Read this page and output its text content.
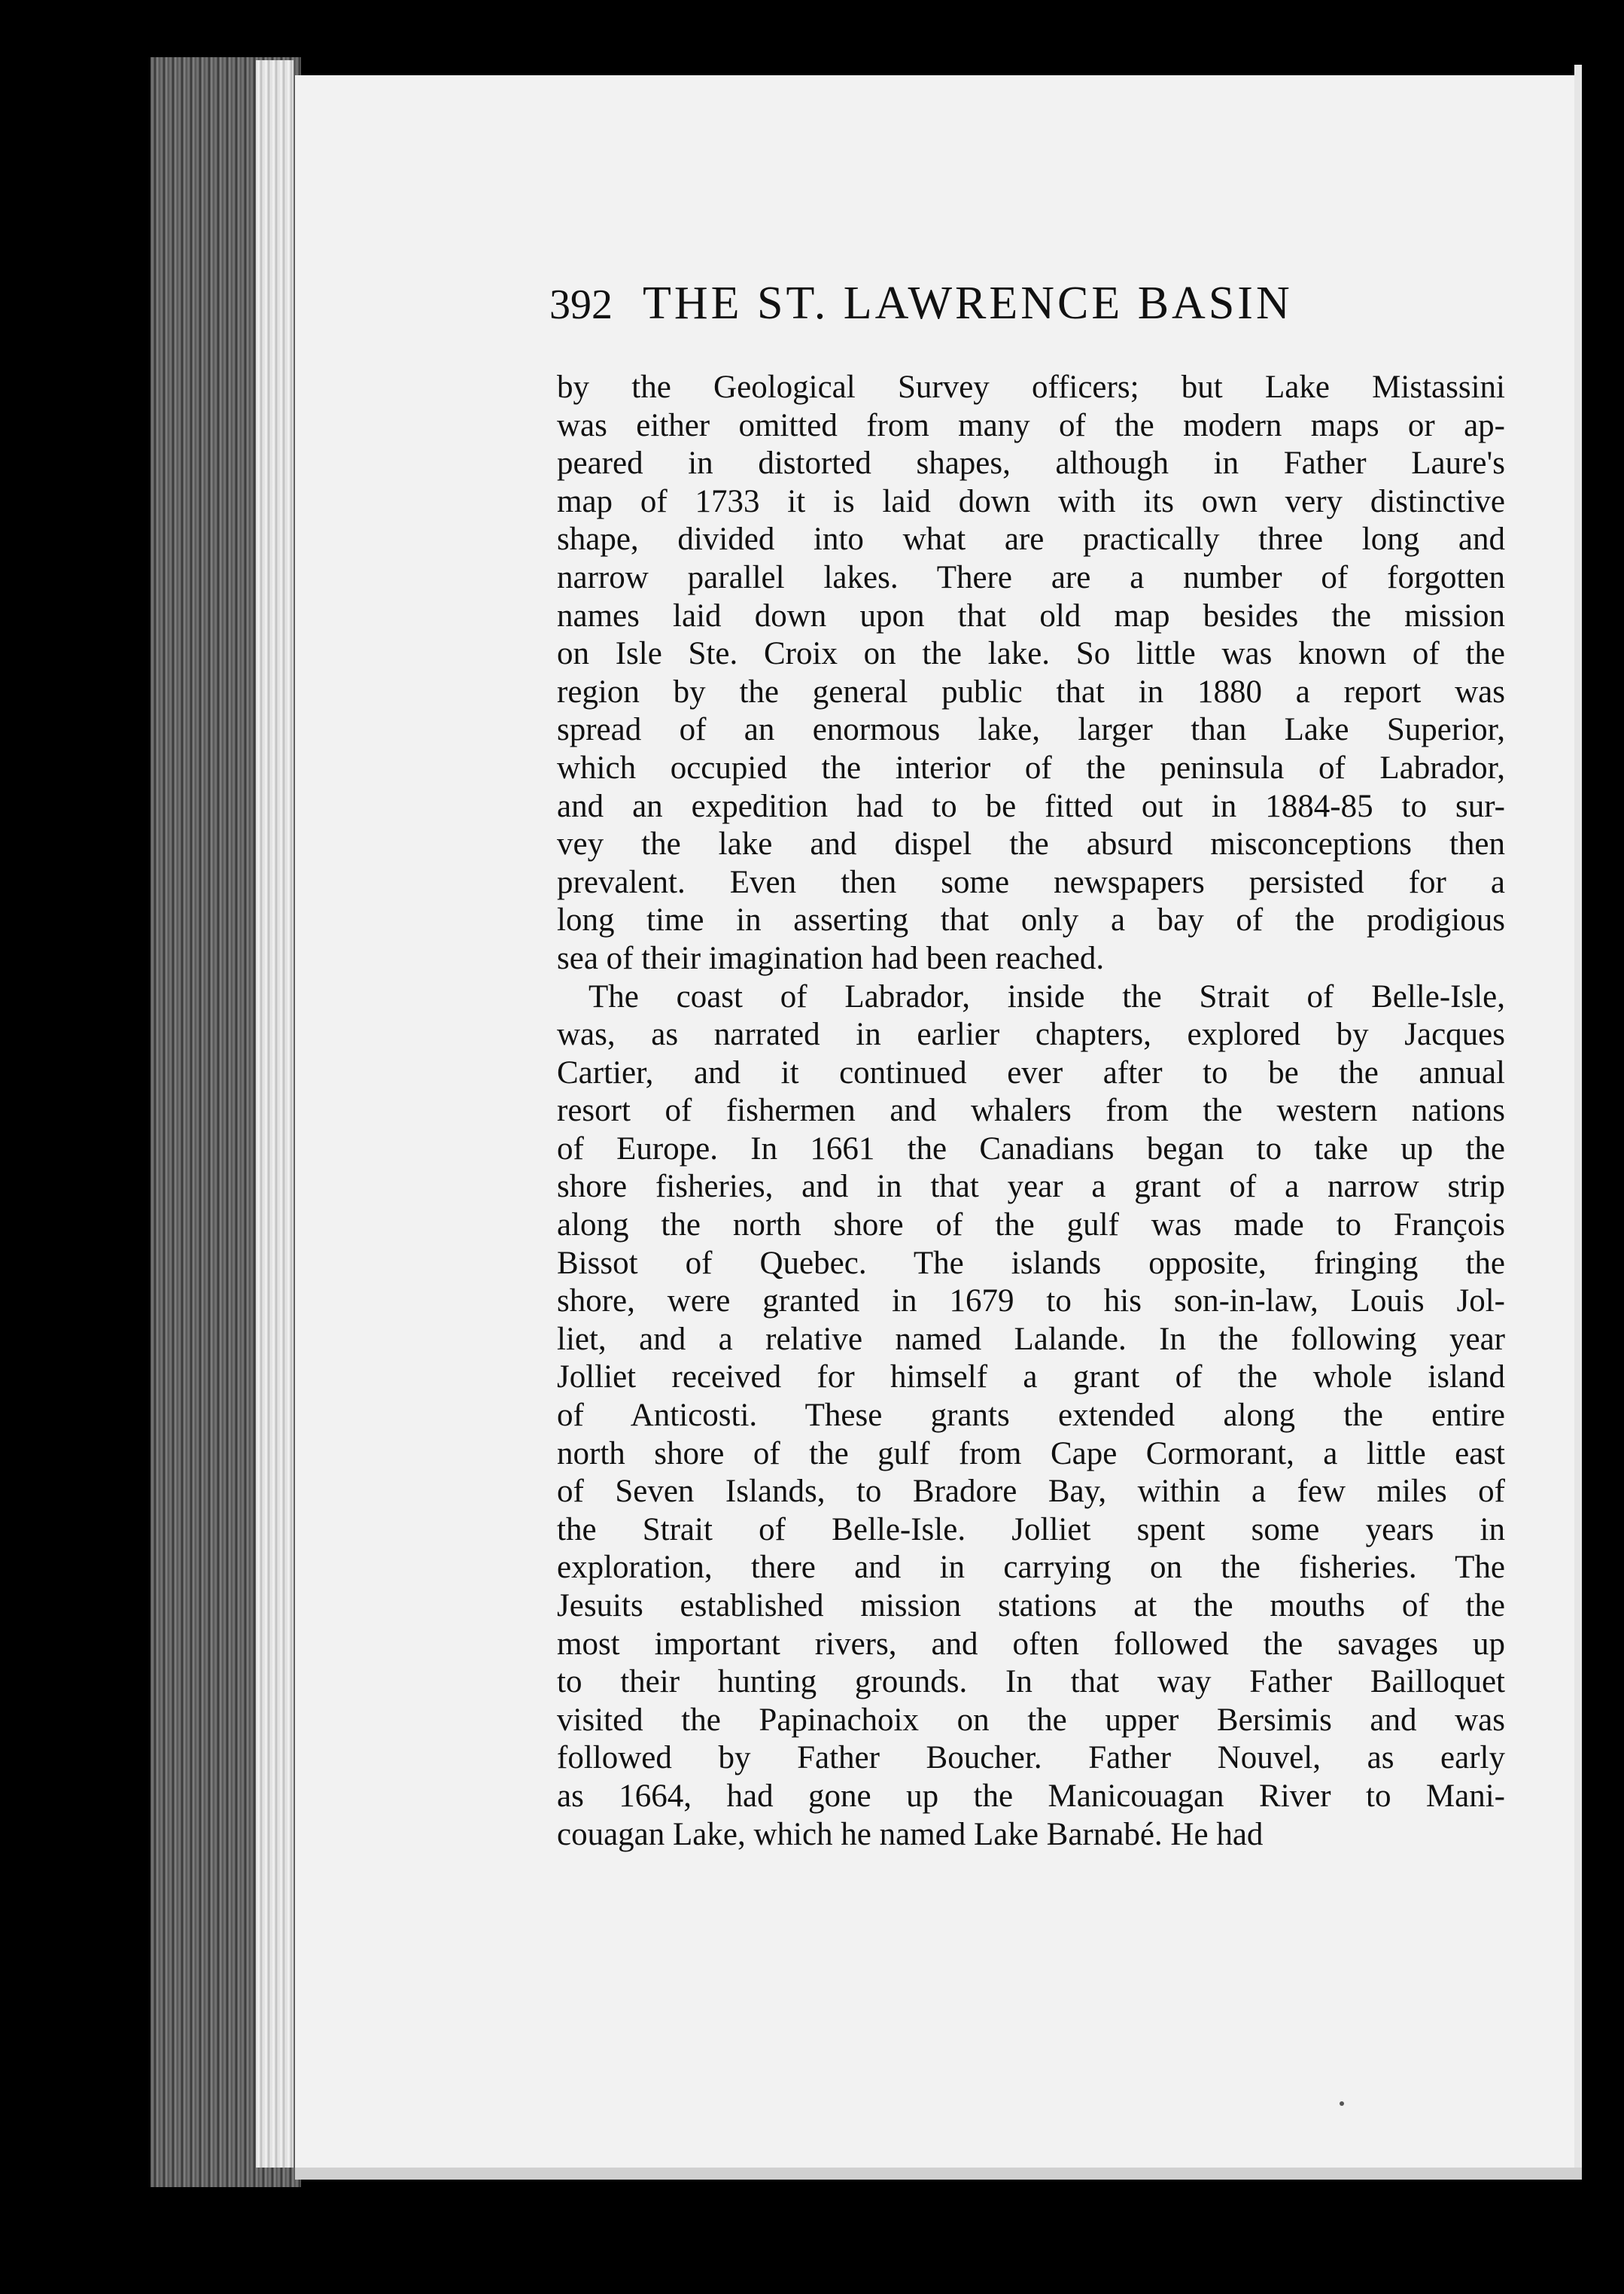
392 THE ST. LAWRENCE BASIN
by the Geological Survey officers; but Lake Mistassini
was either omitted from many of the modern maps or ap-
peared in distorted shapes, although in Father Laure's
map of 1733 it is laid down with its own very distinctive
shape, divided into what are practically three long and
narrow parallel lakes. There are a number of forgotten
names laid down upon that old map besides the mission
on Isle Ste. Croix on the lake. So little was known of the
region by the general public that in 1880 a report was
spread of an enormous lake, larger than Lake Superior,
which occupied the interior of the peninsula of Labrador,
and an expedition had to be fitted out in 1884-85 to sur-
vey the lake and dispel the absurd misconceptions then
prevalent. Even then some newspapers persisted for a
long time in asserting that only a bay of the prodigious
sea of their imagination had been reached.
The coast of Labrador, inside the Strait of Belle-Isle,
was, as narrated in earlier chapters, explored by Jacques
Cartier, and it continued ever after to be the annual
resort of fishermen and whalers from the western nations
of Europe. In 1661 the Canadians began to take up the
shore fisheries, and in that year a grant of a narrow strip
along the north shore of the gulf was made to François
Bissot of Quebec. The islands opposite, fringing the
shore, were granted in 1679 to his son-in-law, Louis Jol-
liet, and a relative named Lalande. In the following year
Jolliet received for himself a grant of the whole island
of Anticosti. These grants extended along the entire
north shore of the gulf from Cape Cormorant, a little east
of Seven Islands, to Bradore Bay, within a few miles of
the Strait of Belle-Isle. Jolliet spent some years in
exploration, there and in carrying on the fisheries. The
Jesuits established mission stations at the mouths of the
most important rivers, and often followed the savages up
to their hunting grounds. In that way Father Bailloquet
visited the Papinachoix on the upper Bersimis and was
followed by Father Boucher. Father Nouvel, as early
as 1664, had gone up the Manicouagan River to Mani-
couagan Lake, which he named Lake Barnabé. He had
